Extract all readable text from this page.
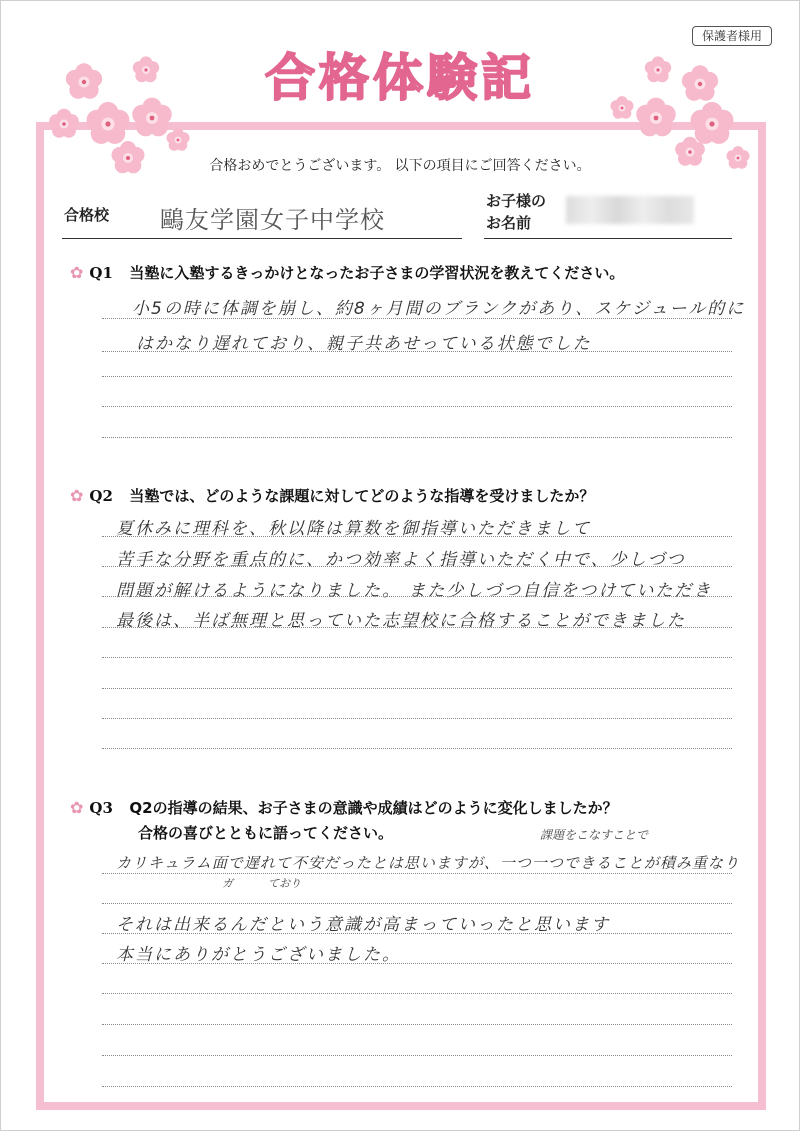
保護者様用
合格体験記
合格おめでとうございます。 以下の項目にご回答ください。
合格校 鷗友学園女子中学校
お子様の
お名前
✿ Q1 当塾に入塾するきっかけとなったお子さまの学習状況を教えてください。
小5の時に体調を崩し、約8ヶ月間のブランクがあり、スケジュール的に
はかなり遅れており、親子共あせっている状態でした
✿ Q2 当塾では、どのような課題に対してどのような指導を受けましたか？
夏休みに理科を、秋以降は算数を御指導いただきまして
苦手な分野を重点的に、かつ効率よく指導いただく中で、少しづつ
問題が解けるようになりました。 また少しづつ自信をつけていただき
最後は、半ば無理と思っていた志望校に合格することができました
✿ Q3 Q2の指導の結果、お子さまの意識や成績はどのように変化しましたか？
合格の喜びとともに語ってください。	課題をこなすことで
カリキュラム面で遅れて不安だったとは思いますが、一つ一つできることが積み重なり
ガ	ており
それは出来るんだという意識が高まっていったと思います
本当にありがとうございました。
